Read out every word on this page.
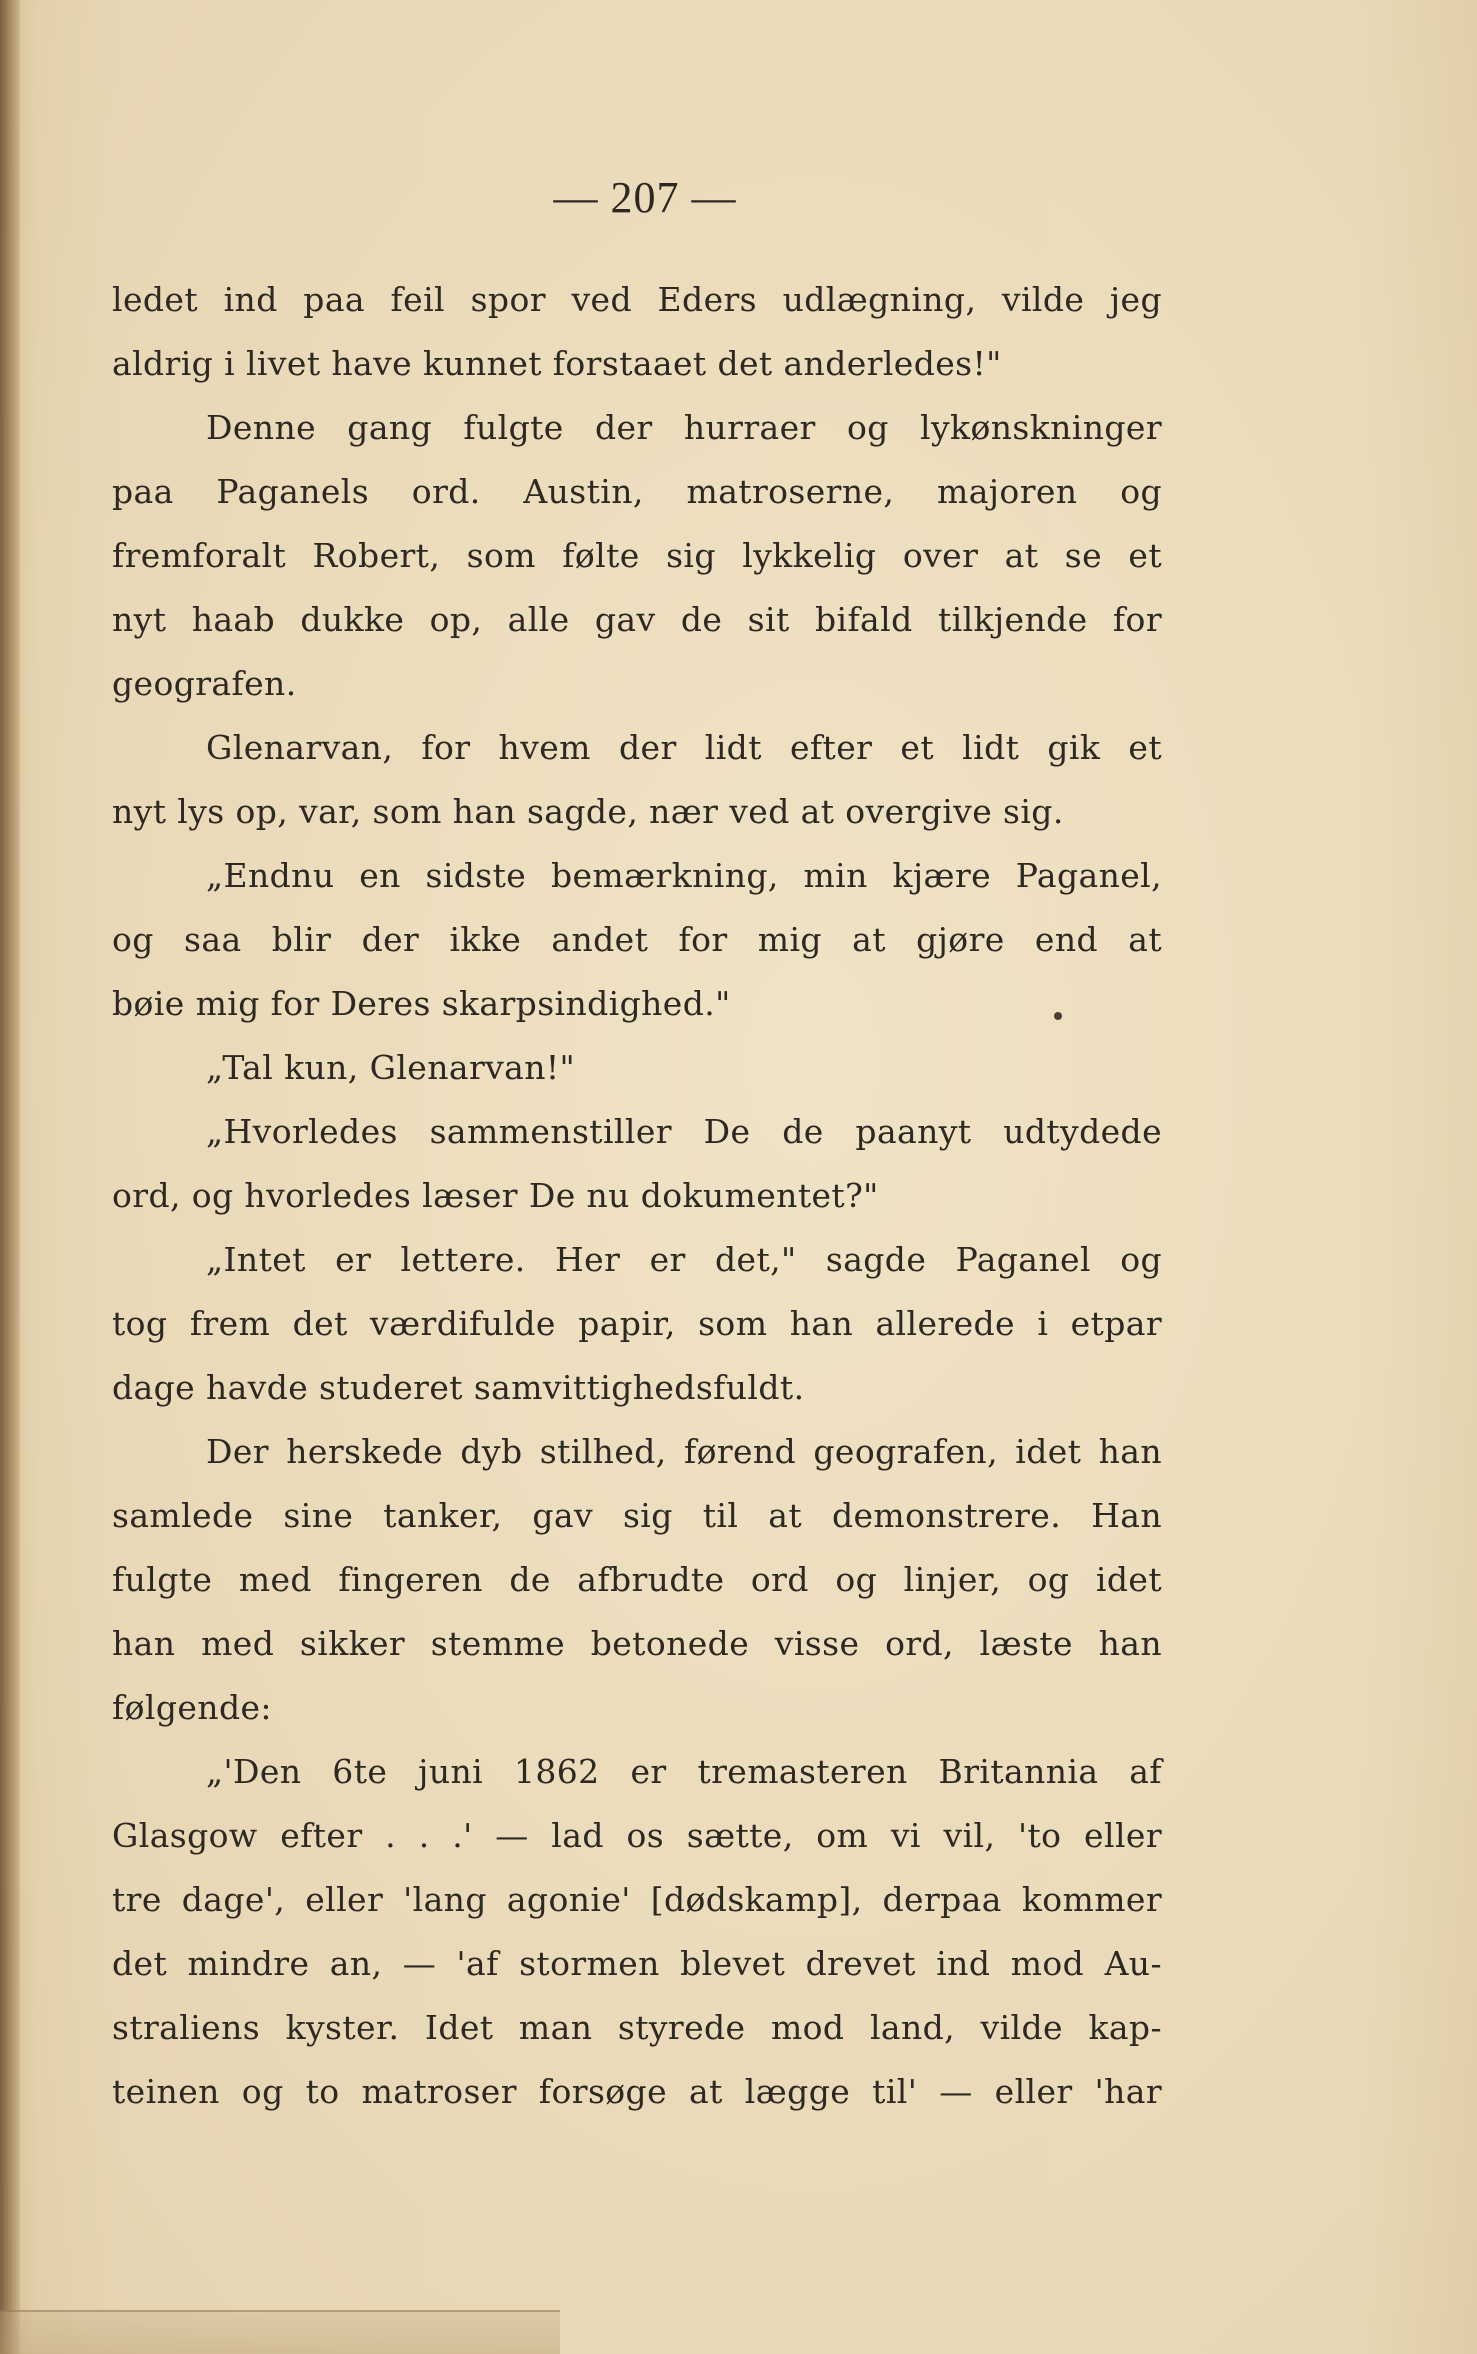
— 207 —
ledet ind paa feil spor ved Eders udlægning, vilde jeg
aldrig i livet have kunnet forstaaet det anderledes!"
Denne gang fulgte der hurraer og lykønskninger
paa Paganels ord. Austin, matroserne, majoren og
fremforalt Robert, som følte sig lykkelig over at se et
nyt haab dukke op, alle gav de sit bifald tilkjende for
geografen.
Glenarvan, for hvem der lidt efter et lidt gik et
nyt lys op, var, som han sagde, nær ved at overgive sig.
„Endnu en sidste bemærkning, min kjære Paganel,
og saa blir der ikke andet for mig at gjøre end at
bøie mig for Deres skarpsindighed."
„Tal kun, Glenarvan!"
„Hvorledes sammenstiller De de paanyt udtydede
ord, og hvorledes læser De nu dokumentet?"
„Intet er lettere. Her er det," sagde Paganel og
tog frem det værdifulde papir, som han allerede i etpar
dage havde studeret samvittighedsfuldt.
Der herskede dyb stilhed, førend geografen, idet han
samlede sine tanker, gav sig til at demonstrere. Han
fulgte med fingeren de afbrudte ord og linjer, og idet
han med sikker stemme betonede visse ord, læste han
følgende:
„'Den 6te juni 1862 er tremasteren Britannia af
Glasgow efter . . .' — lad os sætte, om vi vil, 'to eller
tre dage', eller 'lang agonie' [dødskamp], derpaa kommer
det mindre an, — 'af stormen blevet drevet ind mod Au-
straliens kyster. Idet man styrede mod land, vilde kap-
teinen og to matroser forsøge at lægge til' — eller 'har
